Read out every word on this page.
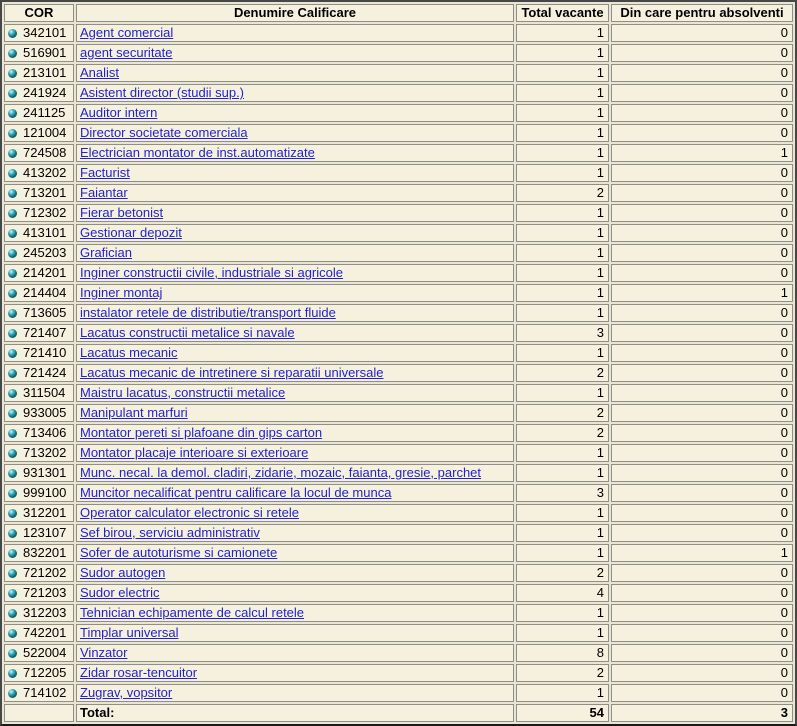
COR	Denumire Calificare	Total vacante	Din care pentru absolventi
342101	Agent comercial	1	0
516901	agent securitate	1	0
213101	Analist	1	0
241924	Asistent director (studii sup.)	1	0
241125	Auditor intern	1	0
121004	Director societate comerciala	1	0
724508	Electrician montator de inst.automatizate	1	1
413202	Facturist	1	0
713201	Faiantar	2	0
712302	Fierar betonist	1	0
413101	Gestionar depozit	1	0
245203	Grafician	1	0
214201	Inginer constructii civile, industriale si agricole	1	0
214404	Inginer montaj	1	1
713605	instalator retele de distributie/transport fluide	1	0
721407	Lacatus constructii metalice si navale	3	0
721410	Lacatus mecanic	1	0
721424	Lacatus mecanic de intretinere si reparatii universale	2	0
311504	Maistru lacatus, constructii metalice	1	0
933005	Manipulant marfuri	2	0
713406	Montator pereti si plafoane din gips carton	2	0
713202	Montator placaje interioare si exterioare	1	0
931301	Munc. necal. la demol. cladiri, zidarie, mozaic, faianta, gresie, parchet	1	0
999100	Muncitor necalificat pentru calificare la locul de munca	3	0
312201	Operator calculator electronic si retele	1	0
123107	Sef birou, serviciu administrativ	1	0
832201	Sofer de autoturisme si camionete	1	1
721202	Sudor autogen	2	0
721203	Sudor electric	4	0
312203	Tehnician echipamente de calcul retele	1	0
742201	Timplar universal	1	0
522004	Vinzator	8	0
712205	Zidar rosar-tencuitor	2	0
714102	Zugrav, vopsitor	1	0
	Total:	54	3
